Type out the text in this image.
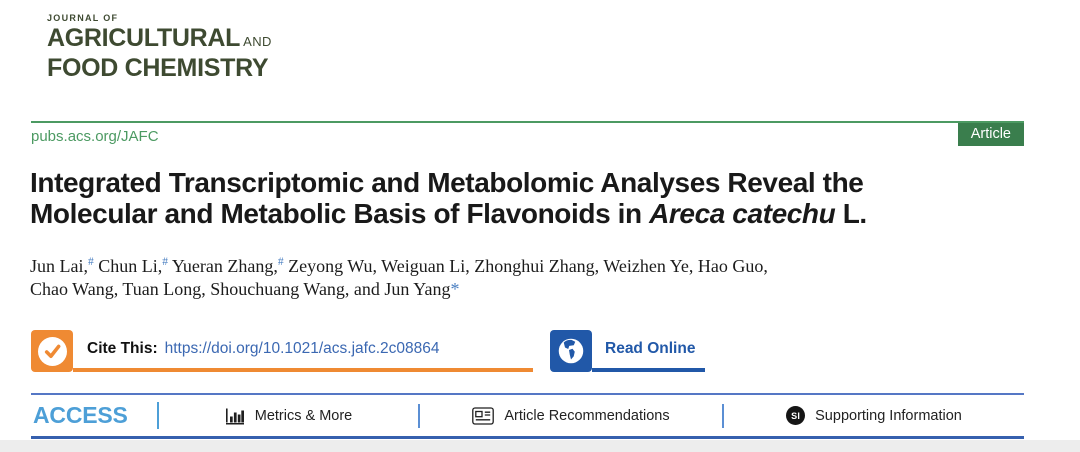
JOURNAL OF
AGRICULTURAL AND
FOOD CHEMISTRY
pubs.acs.org/JAFC	Article
Integrated Transcriptomic and Metabolomic Analyses Reveal the
Molecular and Metabolic Basis of Flavonoids in Areca catechu L.

Jun Lai,# Chun Li,# Yueran Zhang,# Zeyong Wu, Weiguan Li, Zhonghui Zhang, Weizhen Ye, Hao Guo,
Chao Wang, Tuan Long, Shouchuang Wang, and Jun Yang*

Cite This: https://doi.org/10.1021/acs.jafc.2c08864	Read Online
ACCESS	Metrics & More	Article Recommendations	SI	Supporting Information
